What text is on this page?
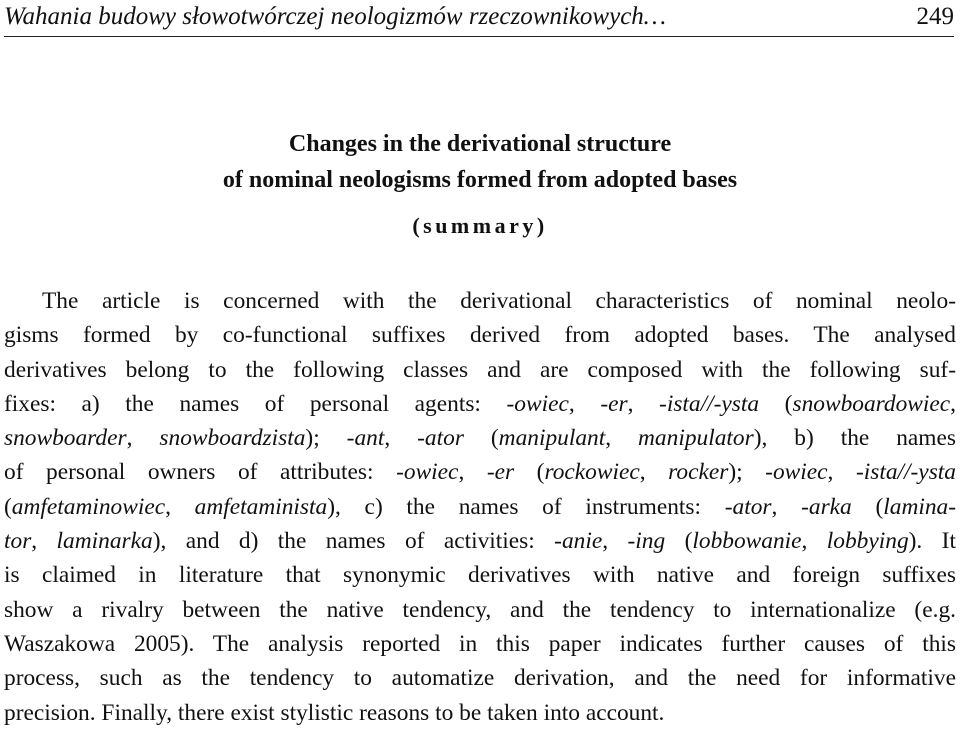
Wahania budowy słowotwórczej neologizmów rzeczownikowych…	249
Changes in the derivational structure
of nominal neologisms formed from adopted bases
(summary)
The article is concerned with the derivational characteristics of nominal neolo-
gisms formed by co-functional suffixes derived from adopted bases. The analysed
derivatives belong to the following classes and are composed with the following suf-
fixes: a) the names of personal agents: -owiec, -er, -ista//-ysta (snowboardowiec,
snowboarder, snowboardzista); -ant, -ator (manipulant, manipulator), b) the names
of personal owners of attributes: -owiec, -er (rockowiec, rocker); -owiec, -ista//-ysta
(amfetaminowiec, amfetaminista), c) the names of instruments: -ator, -arka (lamina-
tor, laminarka), and d) the names of activities: -anie, -ing (lobbowanie, lobbying). It
is claimed in literature that synonymic derivatives with native and foreign suffixes
show a rivalry between the native tendency, and the tendency to internationalize (e.g.
Waszakowa 2005). The analysis reported in this paper indicates further causes of this
process, such as the tendency to automatize derivation, and the need for informative
precision. Finally, there exist stylistic reasons to be taken into account.
